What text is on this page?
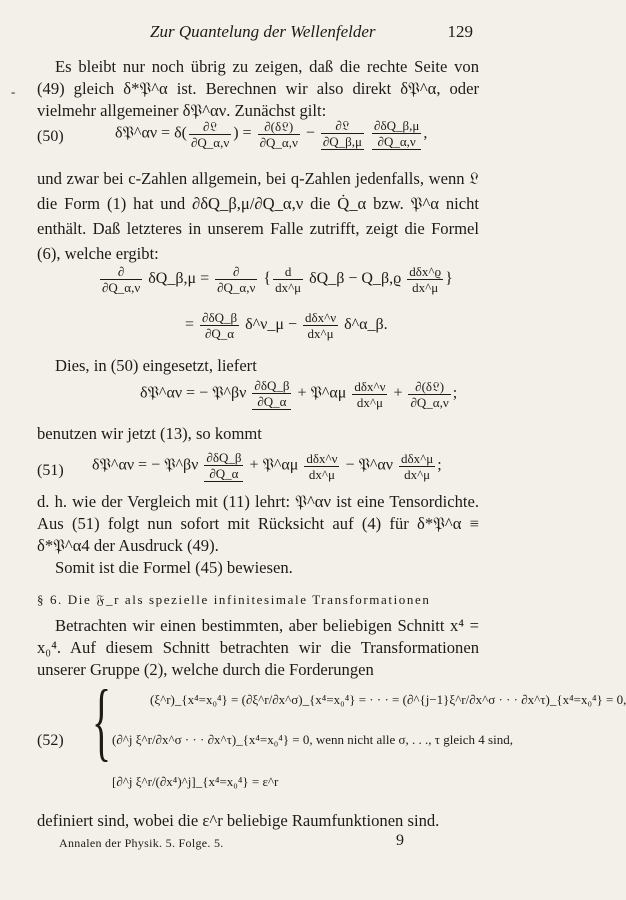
Zur Quantelung der Wellenfelder	129
-
Es bleibt nur noch übrig zu zeigen, daß die rechte Seite von (49) gleich δ*𝔓^α ist. Berechnen wir also direkt δ𝔓^α, oder vielmehr allgemeiner δ𝔓^αν. Zunächst gilt:
(50)	δ𝔓^αν = $\delta( \frac{\text{∂𝔏}}{\partial Q\_\alpha,\nu}$ ) = $\frac{\text{∂(δ𝔏)}}{\partial Q\_\alpha,\nu} - \frac{\text{∂𝔏}}{\partial Q\_\beta,\mu}$
$\frac{\partial\delta Q\_\beta,\mu}{\partial Q\_\alpha,\nu}$ ,
und zwar bei c-Zahlen allgemein, bei q-Zahlen jedenfalls, wenn 𝔏 die Form (1) hat und ∂δQ_β,μ/∂Q_α,ν die Q̇_α bzw. 𝔓^α nicht enthält. Daß letzteres in unserem Falle zutrifft, zeigt die Formel (6), welche ergibt:
$\frac{\partial}{\partial Q\_\alpha,\nu}$ δQ_β,μ = $\frac{\partial}{\partial Q\_\alpha,\nu}$ { $\frac{d}{dx\^{}\mu}$ δQ_β − Q_β,ϱ $\frac{\text{dδx\textasciicircum{}ϱ}}{dx\^{}\mu}$ }
= $\frac{\partial\delta Q\_\beta}{\partial Q\_\alpha}$ δ^ν_μ − $\frac{\text{dδx\textasciicircum{}ν}}{dx\^{}\mu}$ δ^α_β.
Dies, in (50) eingesetzt, liefert
δ𝔓^αν = − 𝔓^βν $\frac{\partial\delta Q\_\beta}{\partial Q\_\alpha}$ + 𝔓^αμ $\frac{\text{dδx\textasciicircum{}ν}}{dx\^{}\mu} + \frac{\text{∂(δ𝔏)}}{\partial Q\_\alpha,\nu}$ ;
benutzen wir jetzt (13), so kommt
(51) δ𝔓^αν = − 𝔓^βν $\frac{\partial\delta Q\_\beta}{\partial Q\_\alpha}$ + 𝔓^αμ $\frac{\text{dδx\textasciicircum{}ν}}{dx\^{}\mu}$ − 𝔓^αν $\frac{\text{dδx\textasciicircum{}μ}}{dx\^{}\mu}$ ;
d. h. wie der Vergleich mit (11) lehrt: 𝔓^αν ist eine Tensordichte. Aus (51) folgt nun sofort mit Rücksicht auf (4) für δ*𝔓^α ≡ δ*𝔓^α4 der Ausdruck (49).
Somit ist die Formel (45) bewiesen.
§ 6. Die 𝔉_r als spezielle infinitesimale Transformationen
Betrachten wir einen bestimmten, aber beliebigen Schnitt x⁴ = x₀⁴. Auf diesem Schnitt betrachten wir die Transformationen unserer Gruppe (2), welche durch die Forderungen
(52) {	(ξ^r)_{x⁴=x₀⁴} = (∂ξ^r/∂x^σ)_{x⁴=x₀⁴} = · · · = (∂^{j−1}ξ^r/∂x^σ · · · ∂x^τ)_{x⁴=x₀⁴} = 0,
(∂^j ξ^r/∂x^σ · · · ∂x^τ)_{x⁴=x₀⁴} = 0, wenn nicht alle σ, . . ., τ gleich 4 sind,
[∂^j ξ^r/(∂x⁴)^j]_{x⁴=x₀⁴} = ε^r
definiert sind, wobei die ε^r beliebige Raumfunktionen sind.
Annalen der Physik. 5. Folge. 5.	9
